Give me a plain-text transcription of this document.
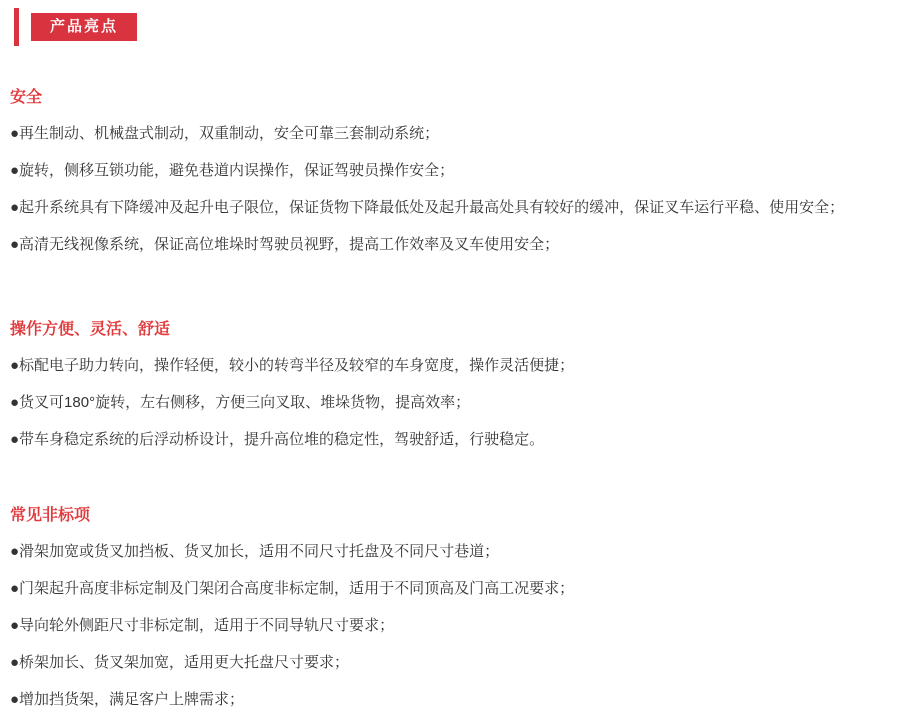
产品亮点
安全

●再生制动、机械盘式制动，双重制动，安全可靠三套制动系统；

●旋转，侧移互锁功能，避免巷道内误操作，保证驾驶员操作安全；

●起升系统具有下降缓冲及起升电子限位，保证货物下降最低处及起升最高处具有较好的缓冲，保证叉车运行平稳、使用安全；

●高清无线视像系统，保证高位堆垛时驾驶员视野，提高工作效率及叉车使用安全；

操作方便、灵活、舒适

●标配电子助力转向，操作轻便，较小的转弯半径及较窄的车身宽度，操作灵活便捷；

●货叉可180°旋转，左右侧移，方便三向叉取、堆垛货物，提高效率；

●带车身稳定系统的后浮动桥设计，提升高位堆的稳定性，驾驶舒适，行驶稳定。

常见非标项

●滑架加宽或货叉加挡板、货叉加长，适用不同尺寸托盘及不同尺寸巷道；

●门架起升高度非标定制及门架闭合高度非标定制，适用于不同顶高及门高工况要求；

●导向轮外侧距尺寸非标定制，适用于不同导轨尺寸要求；

●桥架加长、货叉架加宽，适用更大托盘尺寸要求；

●增加挡货架，满足客户上牌需求；
